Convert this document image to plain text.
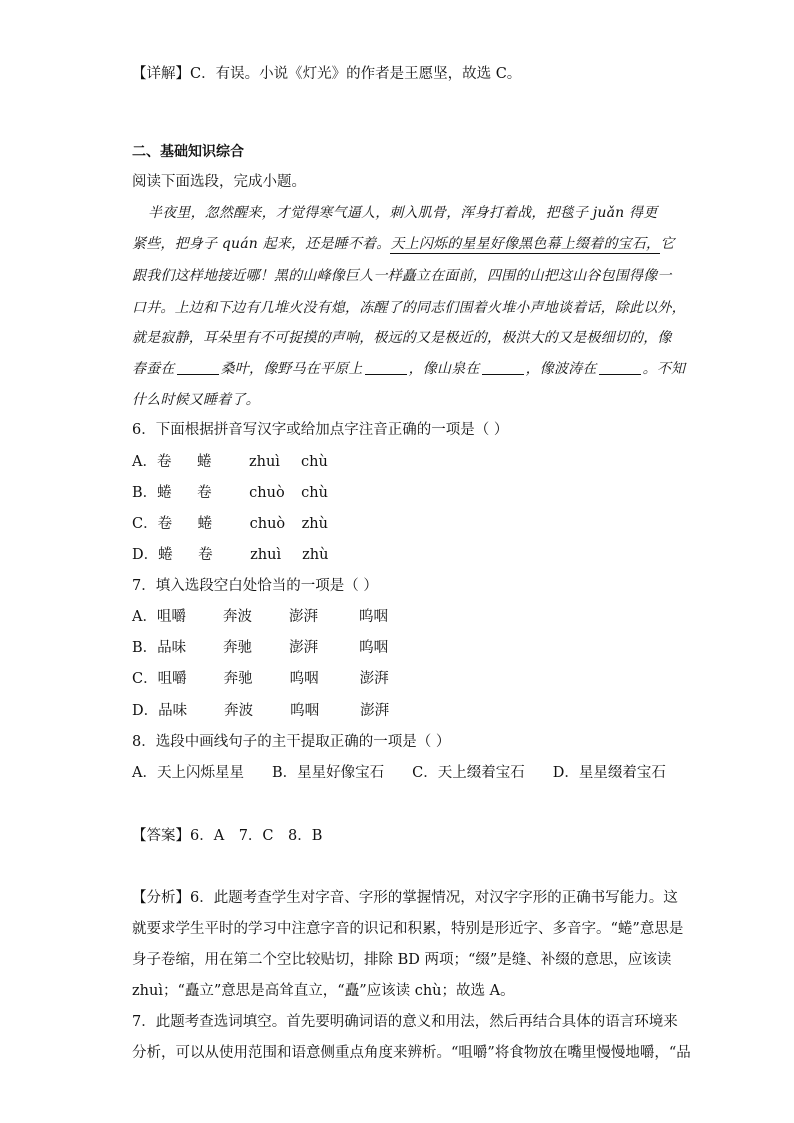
【详解】C．有误。小说《灯光》的作者是王愿坚，故选 C。
二、基础知识综合
阅读下面选段，完成小题。
半夜里，忽然醒来，才觉得寒气逼人，刺入肌骨，浑身打着战，把毯子 juǎn 得更
紧些，把身子 quán 起来，还是睡不着。天上闪烁的星星好像黑色幕上缀着的宝石，它
跟我们这样地接近哪！黑的山峰像巨人一样矗立在面前，四围的山把这山谷包围得像一
口井。上边和下边有几堆火没有熄，冻醒了的同志们围着火堆小声地谈着话，除此以外，
就是寂静，耳朵里有不可捉摸的声响，极远的又是极近的，极洪大的又是极细切的，像
春蚕在	桑叶，像野马在平原上	，像山泉在	，像波涛在	。不知
什么时候又睡着了。
6．下面根据拼音写汉字或给加点字注音正确的一项是（ ）
A．卷 蜷	zhuì chù
B．蜷 卷	chuò chù
C．卷 蜷	chuò zhù
D．蜷 卷	zhuì zhù
7．填入选段空白处恰当的一项是（ ）
A．咀嚼	奔波	澎湃	呜咽
B．品味	奔驰	澎湃	呜咽
C．咀嚼	奔驰	呜咽	澎湃
D．品味	奔波	呜咽	澎湃
8．选段中画线句子的主干提取正确的一项是（ ）
A．天上闪烁星星 B．星星好像宝石 C．天上缀着宝石 D．星星缀着宝石
【答案】6．A　7．C　8．B
【分析】6．此题考查学生对字音、字形的掌握情况，对汉字字形的正确书写能力。这
就要求学生平时的学习中注意字音的识记和积累，特别是形近字、多音字。“蜷”意思是
身子卷缩，用在第二个空比较贴切，排除 BD 两项；“缀”是缝、补缀的意思，应该读
zhuì；“矗立”意思是高耸直立，“矗”应该读 chù；故选 A。
7．此题考查选词填空。首先要明确词语的意义和用法，然后再结合具体的语言环境来
分析，可以从使用范围和语意侧重点角度来辨析。“咀嚼”将食物放在嘴里慢慢地嚼，“品
